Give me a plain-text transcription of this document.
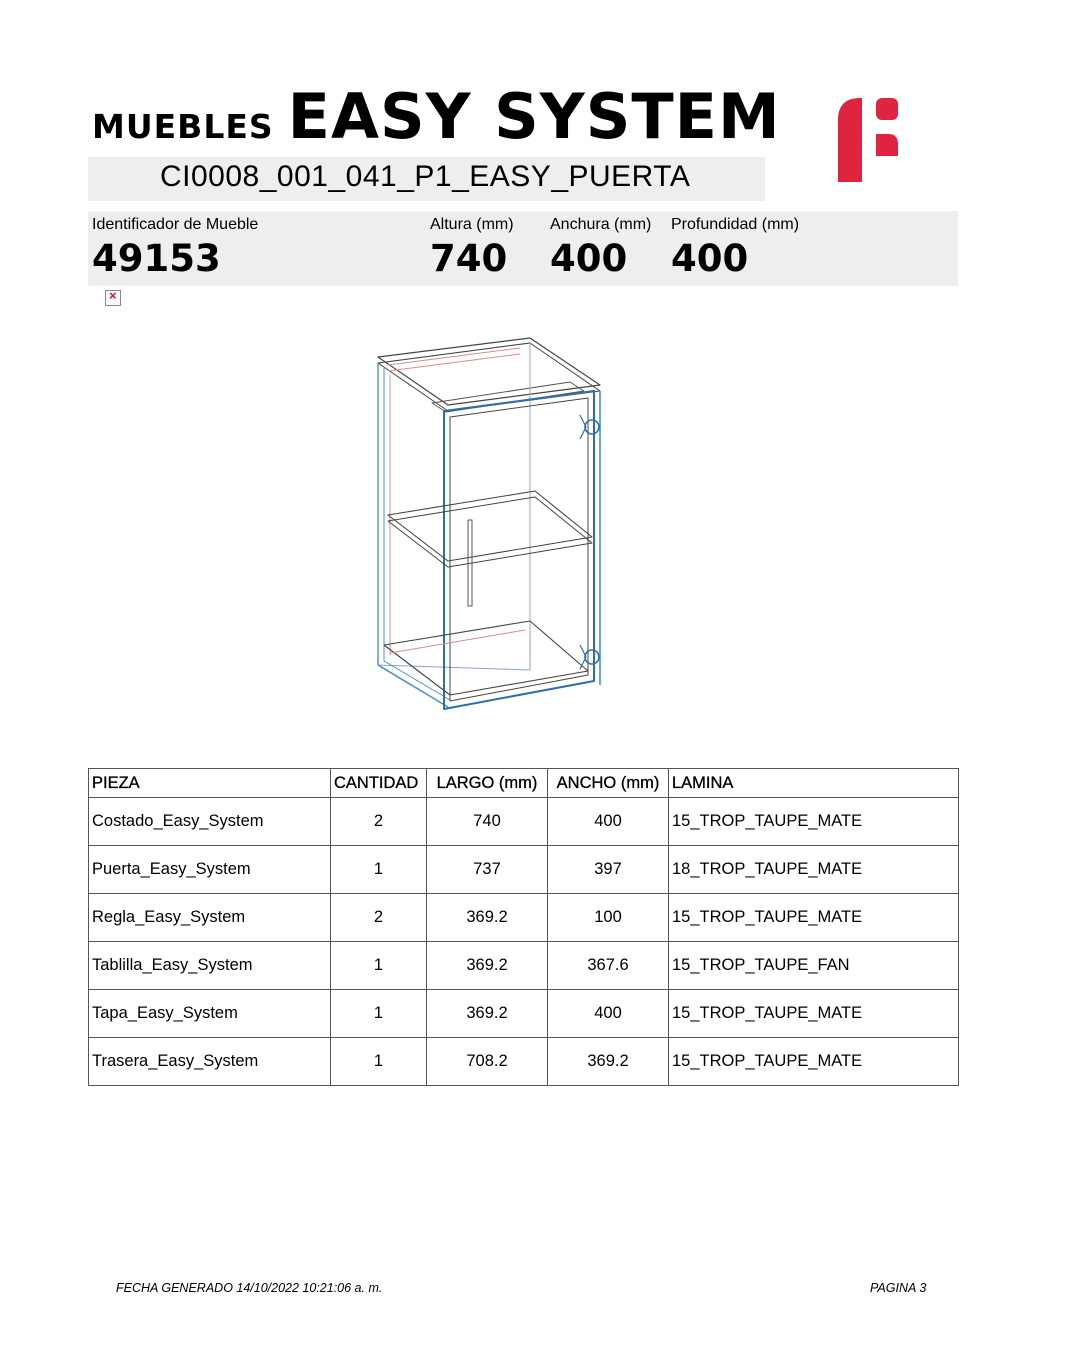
MUEBLES EASY SYSTEM
CI0008_001_041_P1_EASY_PUERTA
Identificador de Mueble
49153
Altura (mm)
740
Anchura (mm)
400
Profundidad (mm)
400
×
PIEZA	CANTIDAD	LARGO (mm)	ANCHO (mm)	LAMINA
Costado_Easy_System	2	740	400	15_TROP_TAUPE_MATE
Puerta_Easy_System	1	737	397	18_TROP_TAUPE_MATE
Regla_Easy_System	2	369.2	100	15_TROP_TAUPE_MATE
Tablilla_Easy_System	1	369.2	367.6	15_TROP_TAUPE_FAN
Tapa_Easy_System	1	369.2	400	15_TROP_TAUPE_MATE
Trasera_Easy_System	1	708.2	369.2	15_TROP_TAUPE_MATE
FECHA GENERADO 14/10/2022 10:21:06 a. m.	PAGINA 3
